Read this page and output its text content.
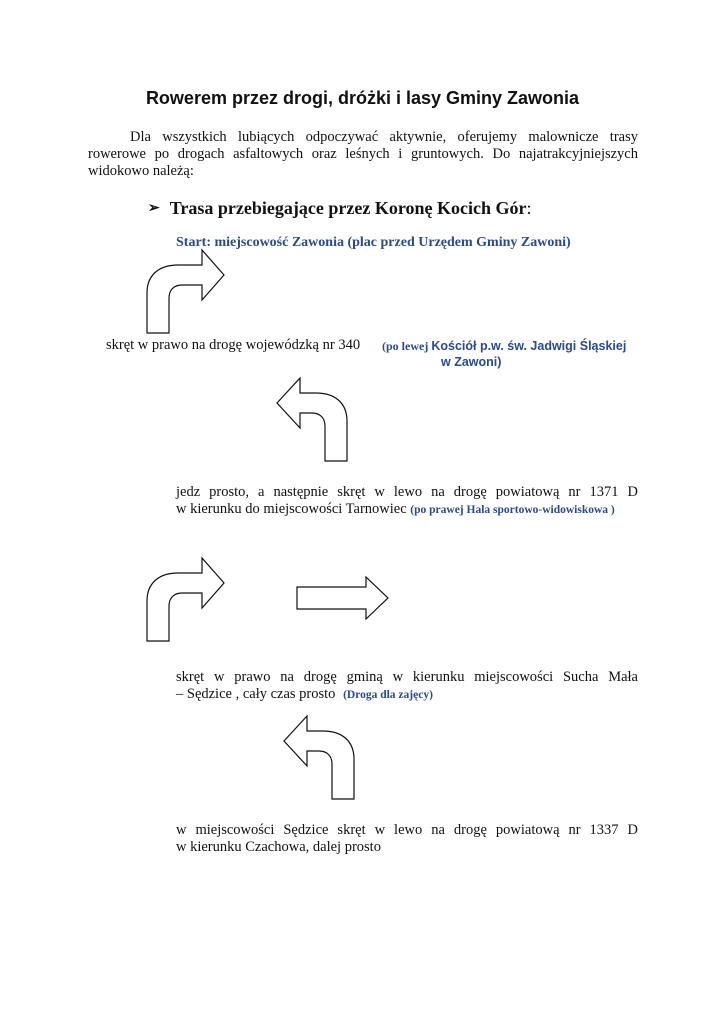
Rowerem przez drogi, dróżki i lasy Gminy Zawonia
Dla wszystkich lubiących odpoczywać aktywnie, oferujemy malownicze trasy rowerowe po drogach asfaltowych oraz leśnych i gruntowych. Do najatrakcyjniejszych widokowo należą:
➢ Trasa przebiegające przez Koronę Kocich Gór:
Start: miejscowość Zawonia (plac przed Urzędem Gminy Zawoni)
skręt w prawo na drogę wojewódzką nr 340 (po lewej Kościół p.w. św. Jadwigi Śląskiej
w Zawoni)
jedz prosto, a następnie skręt w lewo na drogę powiatową nr 1371 D
w kierunku do miejscowości Tarnowiec (po prawej Hala sportowo-widowiskowa )
skręt w prawo na drogę gminą w kierunku miejscowości Sucha Mała
– Sędzice , cały czas prosto (Droga dla zajęcy)
w miejscowości Sędzice skręt w lewo na drogę powiatową nr 1337 D
w kierunku Czachowa, dalej prosto
